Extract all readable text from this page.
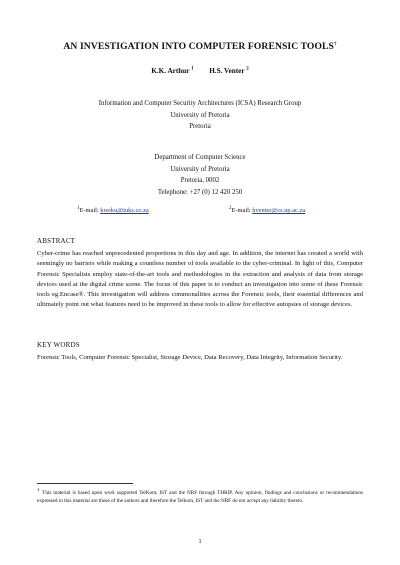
AN INVESTIGATION INTO COMPUTER FORENSIC TOOLS†
K.K. Arthur $^1$ H.S. Venter $^2$
Information and Computer Security Architectures (ICSA) Research Group
University of Pretoria
Pretoria
Department of Computer Science
University of Pretoria
Pretoria, 0002
Telephone: +27 (0) 12 420 250
$^1$E-mail: kweku@tuks.co.za	$^2$E-mail: hventer@cs.up.ac.za
ABSTRACT
Cyber-crime has reached unprecedented proportions in this day and age. In addition, the internet has created a world with seemingly no barriers while making a countless number of tools available to the cyber-criminal. In light of this, Computer Forensic Specialists employ state-of-the-art tools and methodologies in the extraction and analysis of data from storage devices used at the digital crime scene. The focus of this paper is to conduct an investigation into some of these Forensic tools eg.Encase®. This investigation will address commonalities across the Forensic tools, their essential differences and ultimately point out what features need to be improved in these tools to allow for effective autopsies of storage devices.
KEY WORDS
Forensic Tools, Computer Forensic Specialist, Storage Device, Data Recovery, Data Integrity, Information Security.
† This material is based upon work supported TelKom, IST and the NRF through THRIP. Any opinion, findings and conclusions or recommendations expressed in this material are those of the authors and therefore the Telkom, IST and the NRF do not accept any liability thereto.
1
